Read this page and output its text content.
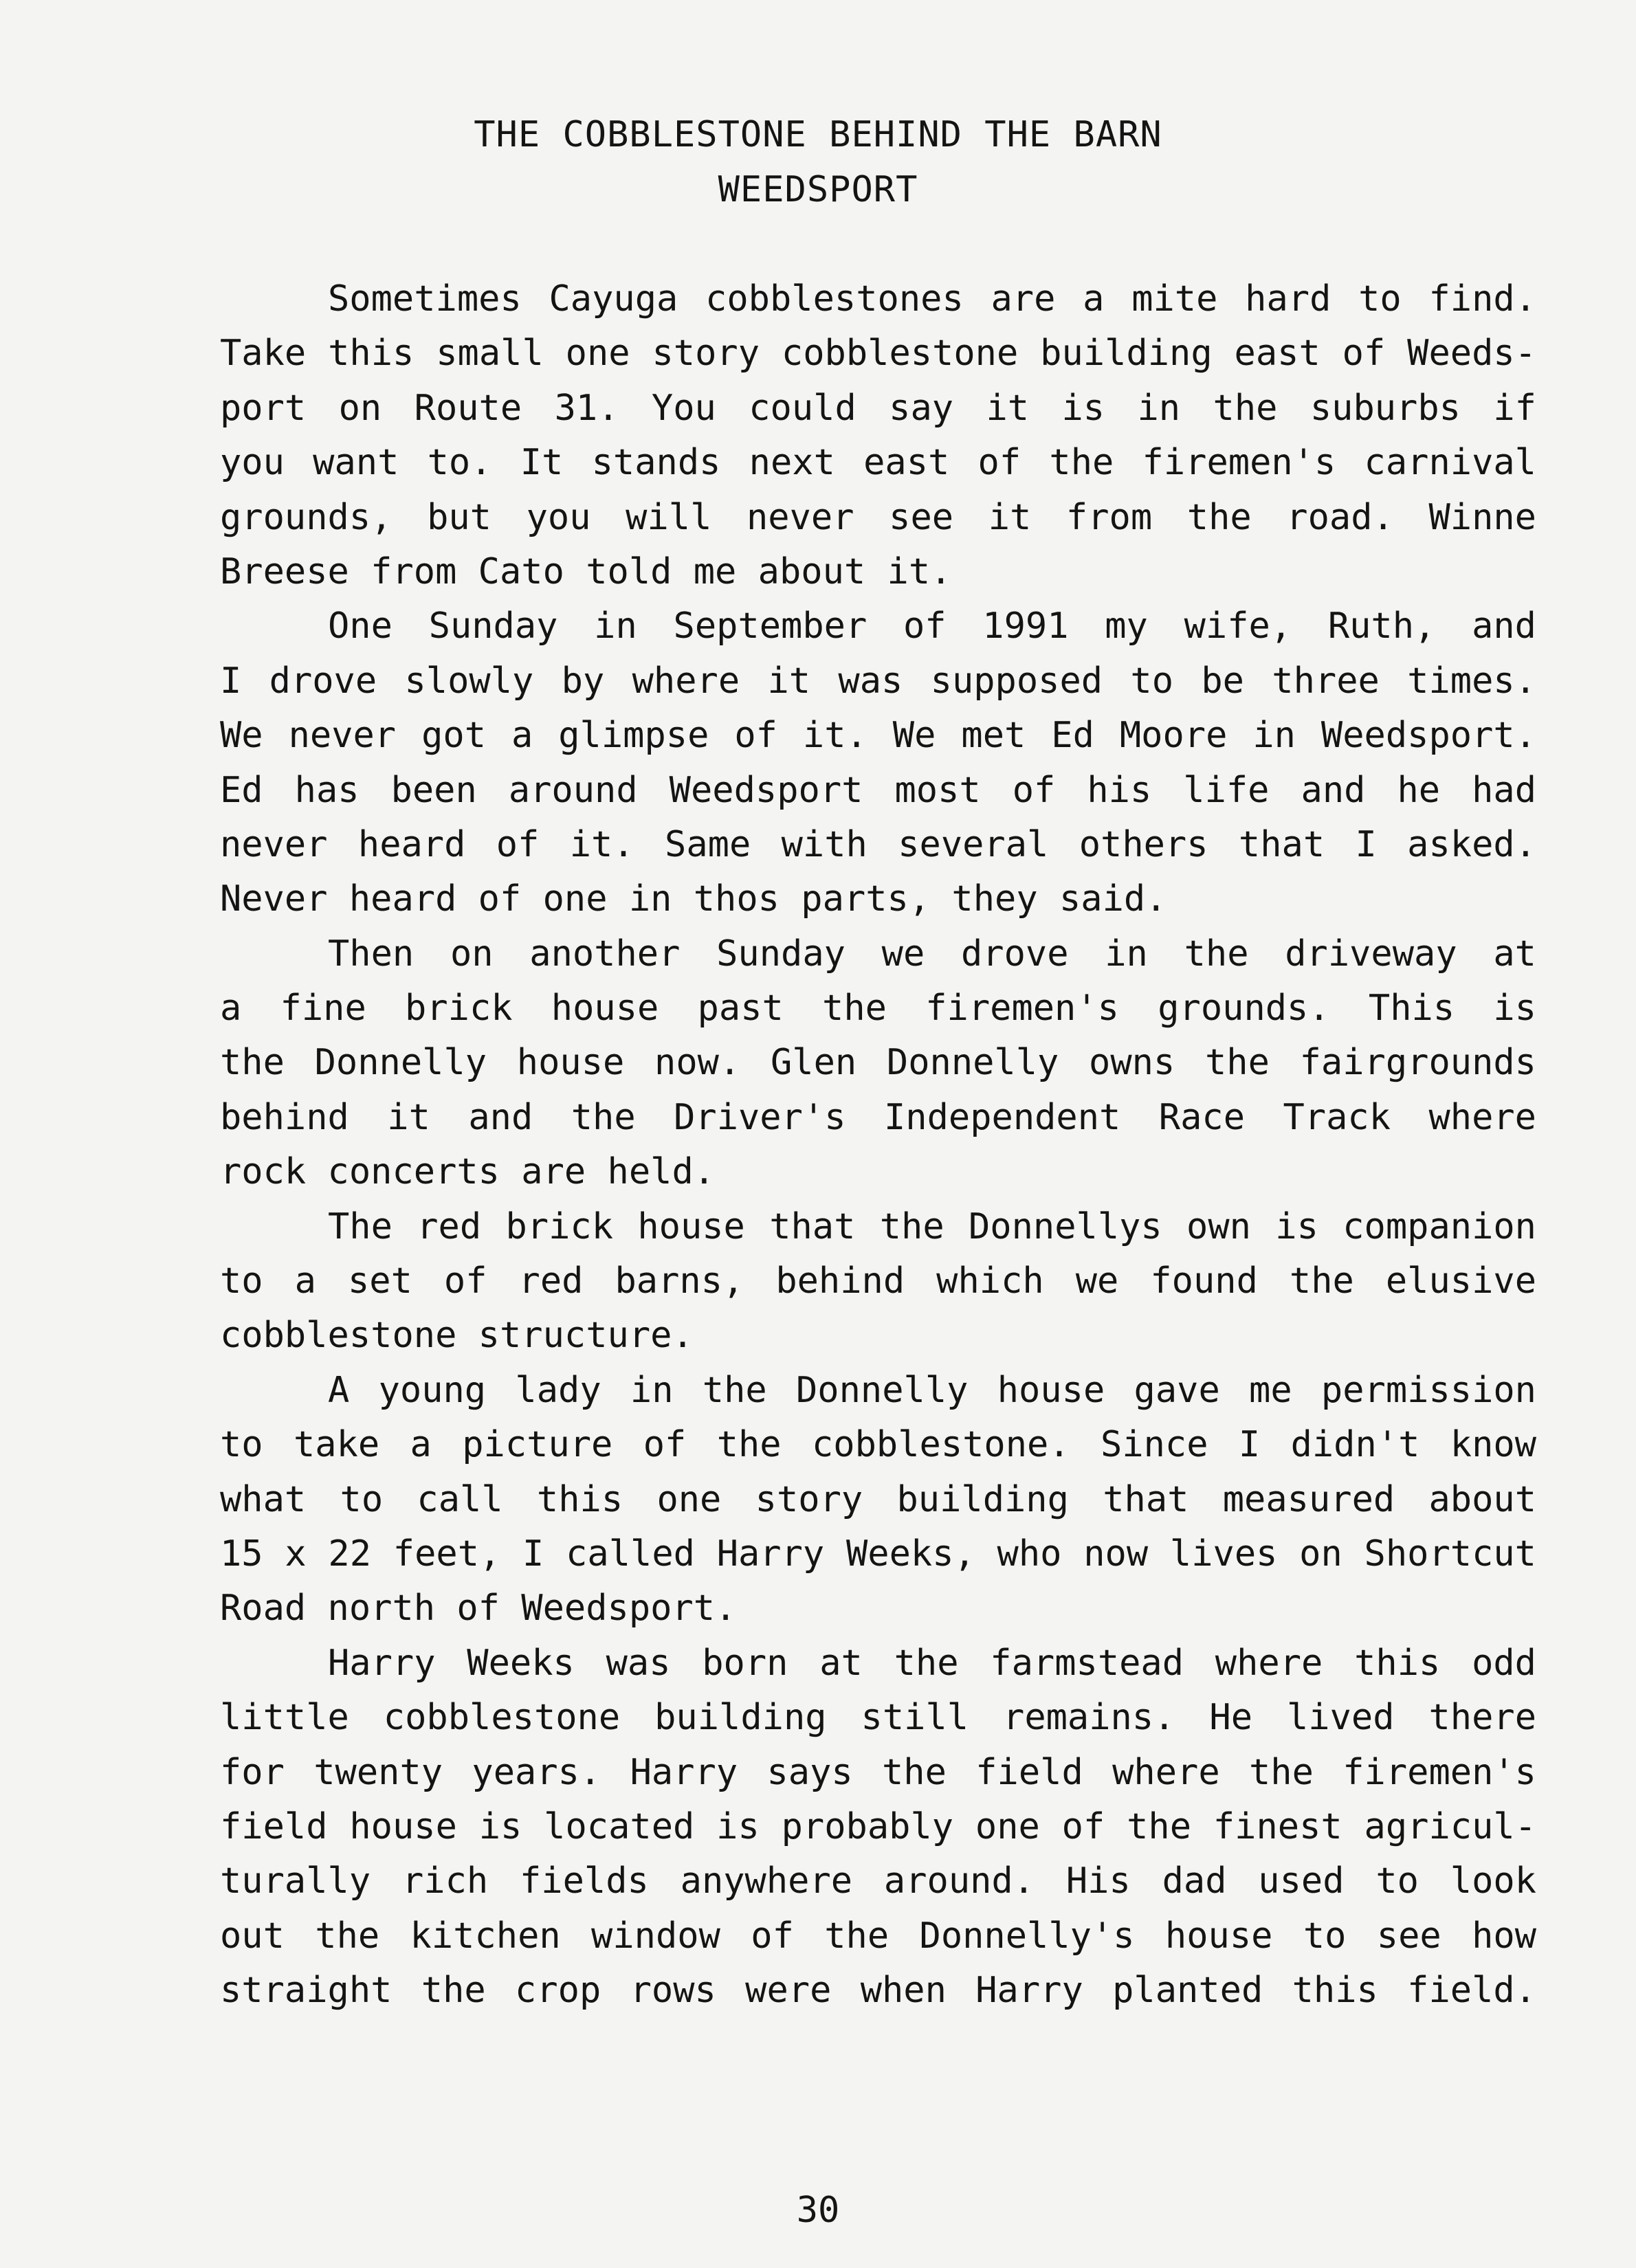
THE COBBLESTONE BEHIND THE BARN
WEEDSPORT
Sometimes Cayuga cobblestones are a mite hard to find.
Take this small one story cobblestone building east of Weeds-
port on Route 31. You could say it is in the suburbs if
you want to. It stands next east of the firemen's carnival
grounds, but you will never see it from the road. Winne
Breese from Cato told me about it.
One Sunday in September of 1991 my wife, Ruth, and
I drove slowly by where it was supposed to be three times.
We never got a glimpse of it. We met Ed Moore in Weedsport.
Ed has been around Weedsport most of his life and he had
never heard of it. Same with several others that I asked.
Never heard of one in thos parts, they said.
Then on another Sunday we drove in the driveway at
a fine brick house past the firemen's grounds. This is
the Donnelly house now. Glen Donnelly owns the fairgrounds
behind it and the Driver's Independent Race Track where
rock concerts are held.
The red brick house that the Donnellys own is companion
to a set of red barns, behind which we found the elusive
cobblestone structure.
A young lady in the Donnelly house gave me permission
to take a picture of the cobblestone. Since I didn't know
what to call this one story building that measured about
15 x 22 feet, I called Harry Weeks, who now lives on Shortcut
Road north of Weedsport.
Harry Weeks was born at the farmstead where this odd
little cobblestone building still remains. He lived there
for twenty years. Harry says the field where the firemen's
field house is located is probably one of the finest agricul-
turally rich fields anywhere around. His dad used to look
out the kitchen window of the Donnelly's house to see how
straight the crop rows were when Harry planted this field.
30
